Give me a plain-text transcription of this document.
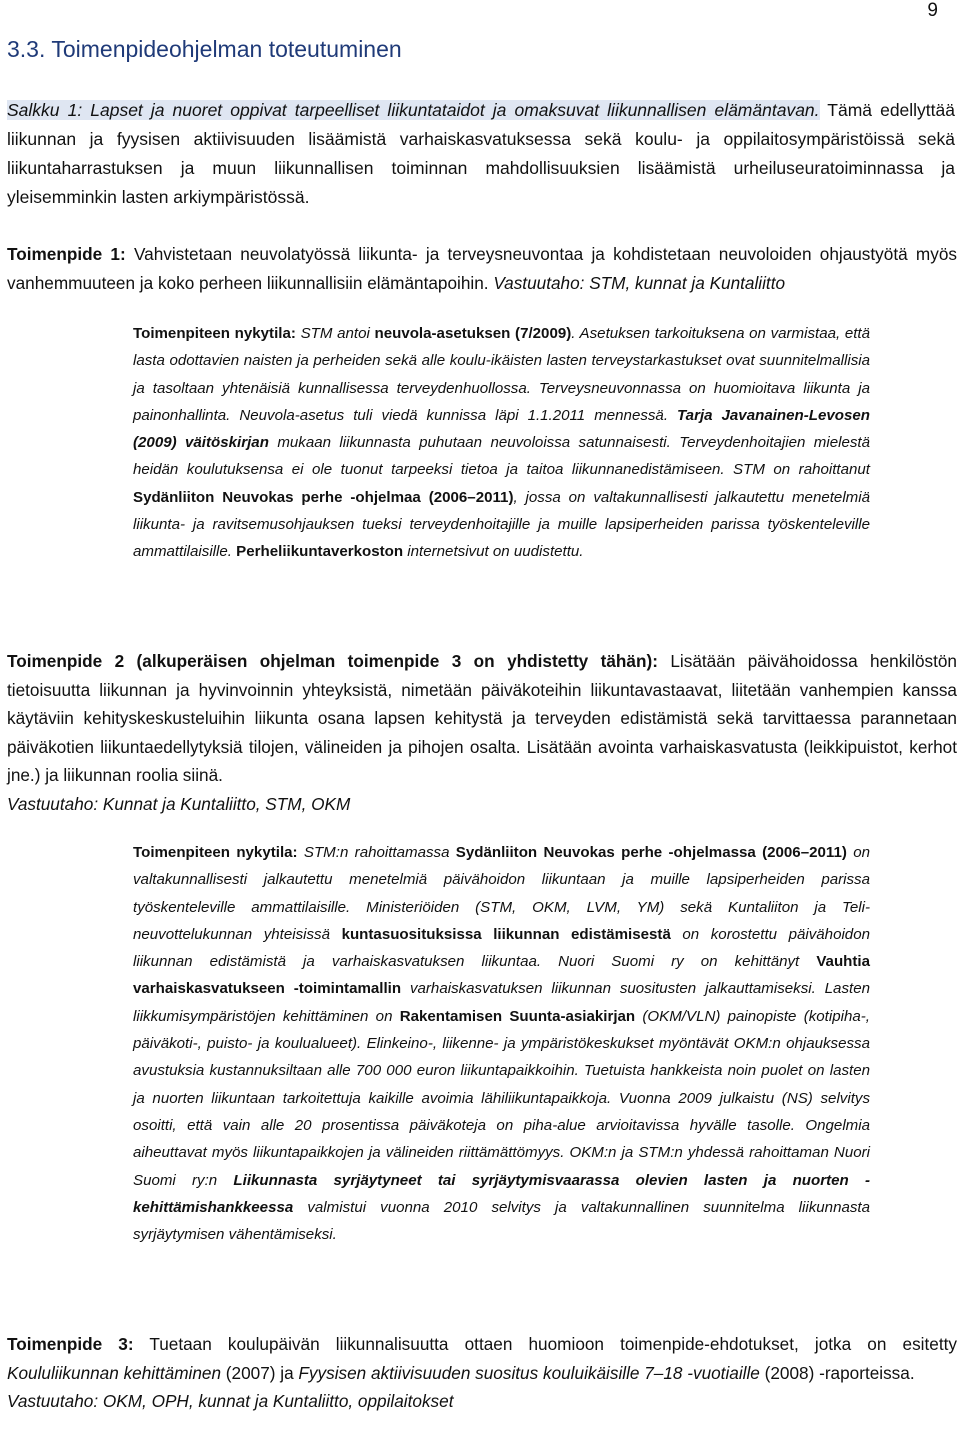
9
3.3. Toimenpideohjelman toteutuminen

Salkku 1: Lapset ja nuoret oppivat tarpeelliset liikuntataidot ja omaksuvat liikunnallisen elämäntavan. Tämä edellyttää liikunnan ja fyysisen aktiivisuuden lisäämistä varhaiskasvatuksessa sekä koulu- ja oppilaitosympäristöissä sekä liikuntaharrastuksen ja muun liikunnallisen toiminnan mahdollisuuksien lisäämistä urheiluseuratoiminnassa ja yleisemminkin lasten arkiympäristössä.

Toimenpide 1: Vahvistetaan neuvolatyössä liikunta- ja terveysneuvontaa ja kohdistetaan neuvoloiden ohjaustyötä myös vanhemmuuteen ja koko perheen liikunnallisiin elämäntapoihin. Vastuutaho: STM, kunnat ja Kuntaliitto

Toimenpiteen nykytila: STM antoi neuvola-asetuksen (7/2009). Asetuksen tarkoituksena on varmistaa, että lasta odottavien naisten ja perheiden sekä alle koulu-ikäisten lasten terveystarkastukset ovat suunnitelmallisia ja tasoltaan yhtenäisiä kunnallisessa terveydenhuollossa. Terveysneuvonnassa on huomioitava liikunta ja painonhallinta. Neuvola-asetus tuli viedä kunnissa läpi 1.1.2011 mennessä. Tarja Javanainen-Levosen (2009) väitöskirjan mukaan liikunnasta puhutaan neuvoloissa satunnaisesti. Terveydenhoitajien mielestä heidän koulutuksensa ei ole tuonut tarpeeksi tietoa ja taitoa liikunnanedistämiseen. STM on rahoittanut Sydänliiton Neuvokas perhe -ohjelmaa (2006–2011), jossa on valtakunnallisesti jalkautettu menetelmiä liikunta- ja ravitsemusohjauksen tueksi terveydenhoitajille ja muille lapsiperheiden parissa työskenteleville ammattilaisille. Perheliikuntaverkoston internetsivut on uudistettu.

Toimenpide 2 (alkuperäisen ohjelman toimenpide 3 on yhdistetty tähän): Lisätään päivähoidossa henkilöstön tietoisuutta liikunnan ja hyvinvoinnin yhteyksistä, nimetään päiväkoteihin liikuntavastaavat, liitetään vanhempien kanssa käytäviin kehityskeskusteluihin liikunta osana lapsen kehitystä ja terveyden edistämistä sekä tarvittaessa parannetaan päiväkotien liikuntaedellytyksiä tilojen, välineiden ja pihojen osalta. Lisätään avointa varhaiskasvatusta (leikkipuistot, kerhot jne.) ja liikunnan roolia siinä.
Vastuutaho: Kunnat ja Kuntaliitto, STM, OKM

Toimenpiteen nykytila: STM:n rahoittamassa Sydänliiton Neuvokas perhe -ohjelmassa (2006–2011) on valtakunnallisesti jalkautettu menetelmiä päivähoidon liikuntaan ja muille lapsiperheiden parissa työskenteleville ammattilaisille. Ministeriöiden (STM, OKM, LVM, YM) sekä Kuntaliiton ja Teli-neuvottelukunnan yhteisissä kuntasuosituksissa liikunnan edistämisestä on korostettu päivähoidon liikunnan edistämistä ja varhaiskasvatuksen liikuntaa. Nuori Suomi ry on kehittänyt Vauhtia varhaiskasvatukseen -toimintamallin varhaiskasvatuksen liikunnan suositusten jalkauttamiseksi. Lasten liikkumisympäristöjen kehittäminen on Rakentamisen Suunta-asiakirjan (OKM/VLN) painopiste (kotipiha-, päiväkoti-, puisto- ja koulualueet). Elinkeino-, liikenne- ja ympäristökeskukset myöntävät OKM:n ohjauksessa avustuksia kustannuksiltaan alle 700 000 euron liikuntapaikkoihin. Tuetuista hankkeista noin puolet on lasten ja nuorten liikuntaan tarkoitettuja kaikille avoimia lähiliikuntapaikkoja. Vuonna 2009 julkaistu (NS) selvitys osoitti, että vain alle 20 prosentissa päiväkoteja on piha-alue arvioitavissa hyvälle tasolle. Ongelmia aiheuttavat myös liikuntapaikkojen ja välineiden riittämättömyys. OKM:n ja STM:n yhdessä rahoittaman Nuori Suomi ry:n Liikunnasta syrjäytyneet tai syrjäytymisvaarassa olevien lasten ja nuorten -kehittämishankkeessa valmistui vuonna 2010 selvitys ja valtakunnallinen suunnitelma liikunnasta syrjäytymisen vähentämiseksi.

Toimenpide 3: Tuetaan koulupäivän liikunnalisuutta ottaen huomioon toimenpide-ehdotukset, jotka on esitetty Koululiikunnan kehittäminen (2007) ja Fyysisen aktiivisuuden suositus kouluikäisille 7–18 -vuotiaille (2008) -raporteissa.
Vastuutaho: OKM, OPH, kunnat ja Kuntaliitto, oppilaitokset
